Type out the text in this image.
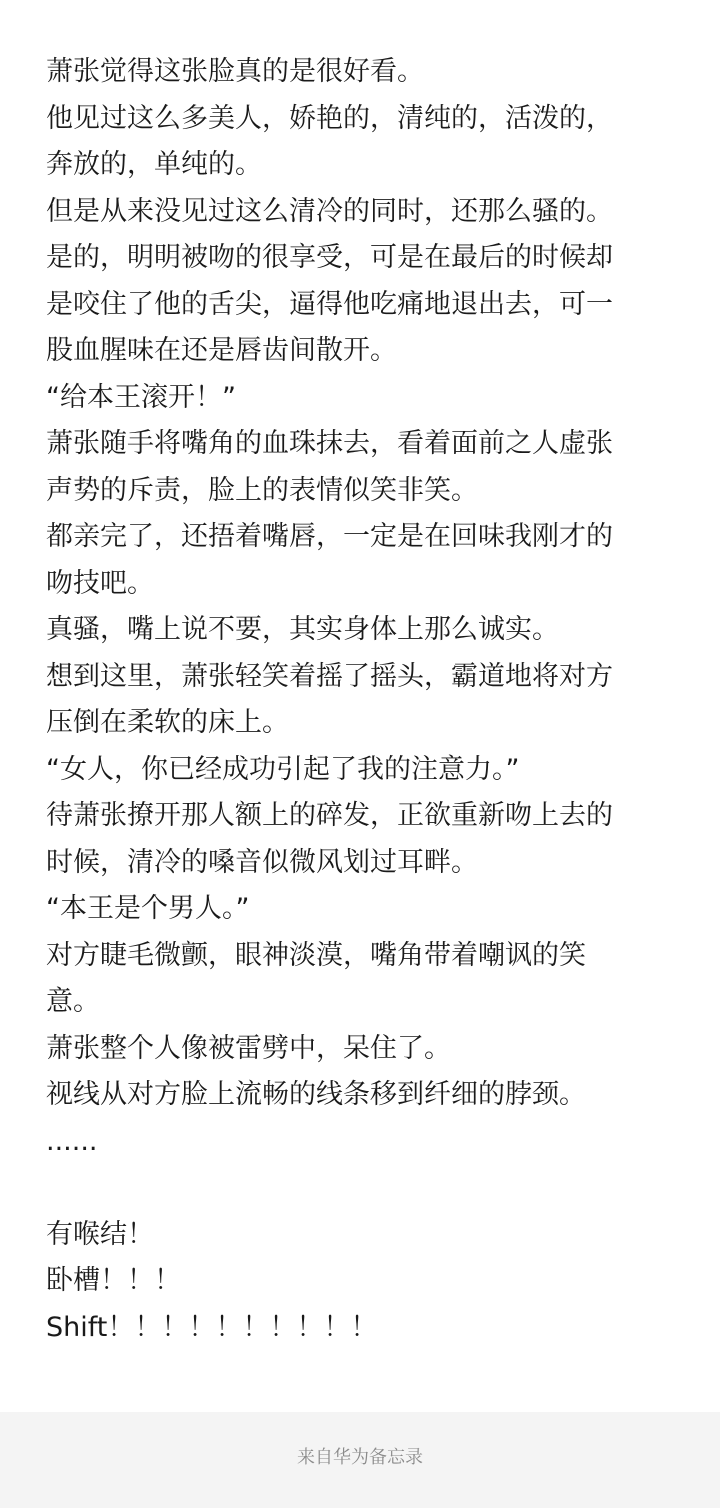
萧张觉得这张脸真的是很好看。
他见过这么多美人，娇艳的，清纯的，活泼的，
奔放的，单纯的。
但是从来没见过这么清冷的同时，还那么骚的。
是的，明明被吻的很享受，可是在最后的时候却
是咬住了他的舌尖，逼得他吃痛地退出去，可一
股血腥味在还是唇齿间散开。
“给本王滚开！”
萧张随手将嘴角的血珠抹去，看着面前之人虚张
声势的斥责，脸上的表情似笑非笑。
都亲完了，还捂着嘴唇，一定是在回味我刚才的
吻技吧。
真骚，嘴上说不要，其实身体上那么诚实。
想到这里，萧张轻笑着摇了摇头，霸道地将对方
压倒在柔软的床上。
“女人，你已经成功引起了我的注意力。”
待萧张撩开那人额上的碎发，正欲重新吻上去的
时候，清冷的嗓音似微风划过耳畔。
“本王是个男人。”
对方睫毛微颤，眼神淡漠，嘴角带着嘲讽的笑
意。
萧张整个人像被雷劈中，呆住了。
视线从对方脸上流畅的线条移到纤细的脖颈。
......
有喉结！
卧槽！！！
Shift！！！！！！！！！！
来自华为备忘录
